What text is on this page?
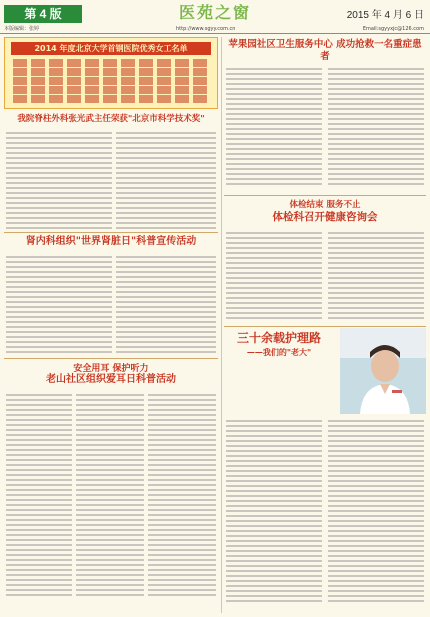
第 4 版	医苑之窗	2015 年 4 月 6 日
本版编辑：张婷	http://www.sgyy.com.cn	Email:sgyyxjc@126.com
2014 年度北京大学首钢医院优秀女工名单
我院脊柱外科张光武主任荣获"北京市科学技术奖"
肾内科组织"世界肾脏日"科普宣传活动
安全用耳 保护听力
老山社区组织爱耳日科普活动
苹果园社区卫生服务中心 成功抢救一名重症患者
体检结束 服务不止
体检科召开健康咨询会
三十余载护理路
——我们的"老大"
